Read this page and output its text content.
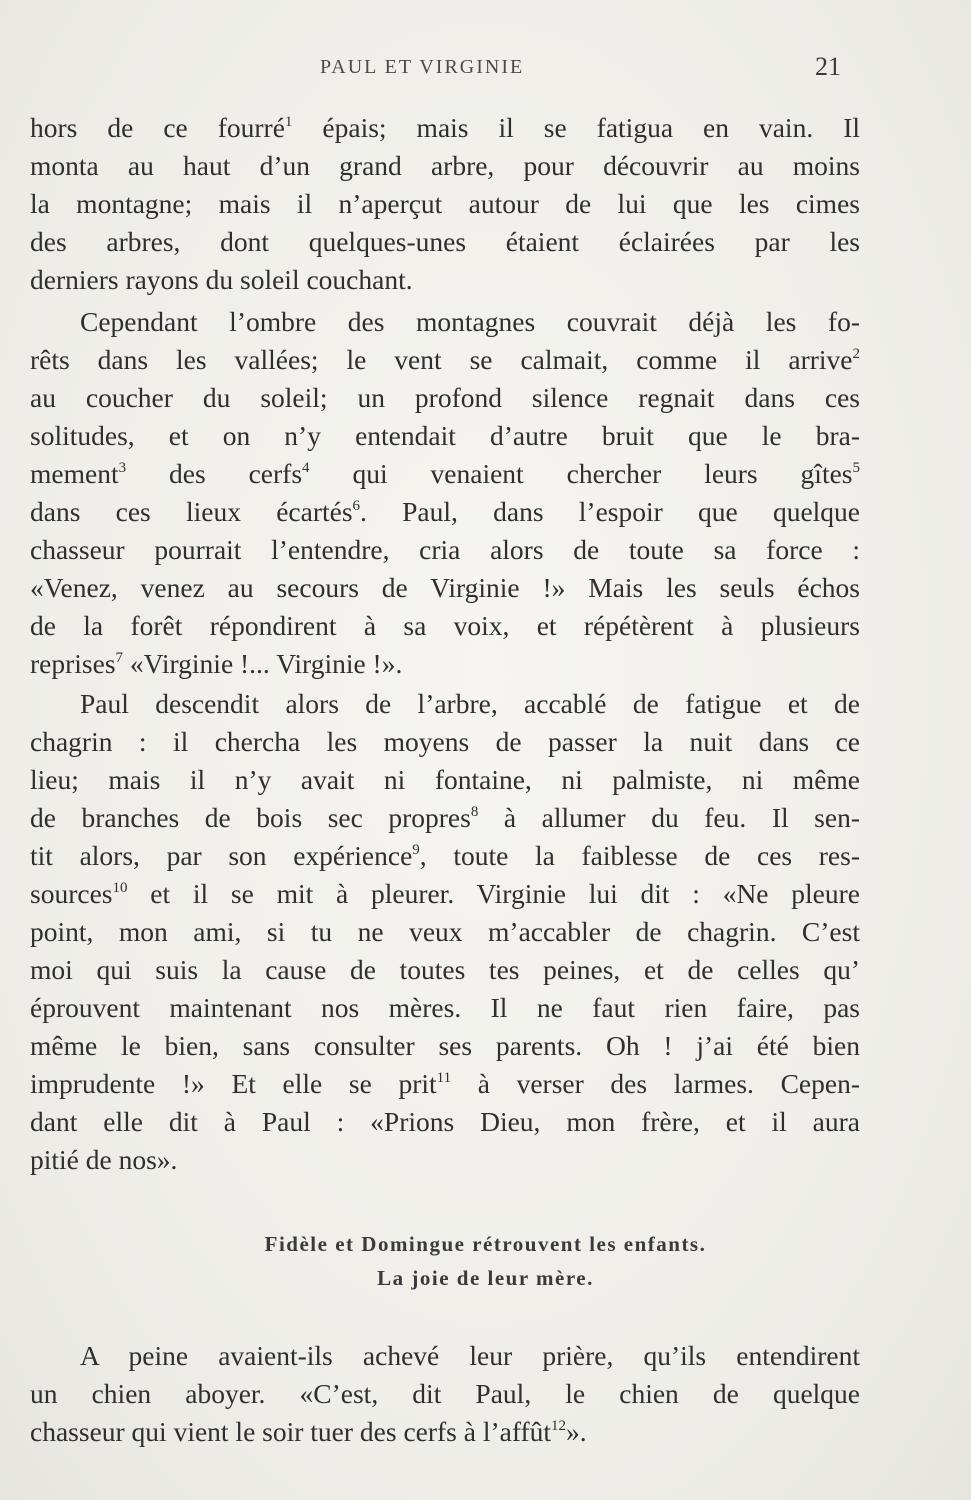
PAUL ET VIRGINIE	21
hors de ce fourré$^1$ épais; mais il se fatigua en vain. Il
monta au haut d’un grand arbre, pour découvrir au moins
la montagne; mais il n’aperçut autour de lui que les cimes
des arbres, dont quelques-unes étaient éclairées par les
derniers rayons du soleil couchant.
Cependant l’ombre des montagnes couvrait déjà les fo-
rêts dans les vallées; le vent se calmait, comme il arrive$^2$
au coucher du soleil; un profond silence regnait dans ces
solitudes, et on n’y entendait d’autre bruit que le bra-
mement$^3$ des cerfs$^4$ qui venaient chercher leurs gîtes$^5$
dans ces lieux écartés$^6$. Paul, dans l’espoir que quelque
chasseur pourrait l’entendre, cria alors de toute sa force :
«Venez, venez au secours de Virginie !» Mais les seuls échos
de la forêt répondirent à sa voix, et répétèrent à plusieurs
reprises$^7$ «Virginie !... Virginie !».
Paul descendit alors de l’arbre, accablé de fatigue et de
chagrin : il chercha les moyens de passer la nuit dans ce
lieu; mais il n’y avait ni fontaine, ni palmiste, ni même
de branches de bois sec propres$^8$ à allumer du feu. Il sen-
tit alors, par son expérience$^9$, toute la faiblesse de ces res-
sources$^{10}$ et il se mit à pleurer. Virginie lui dit : «Ne pleure
point, mon ami, si tu ne veux m’accabler de chagrin. C’est
moi qui suis la cause de toutes tes peines, et de celles qu’
éprouvent maintenant nos mères. Il ne faut rien faire, pas
même le bien, sans consulter ses parents. Oh ! j’ai été bien
imprudente !» Et elle se prit$^{11}$ à verser des larmes. Cepen-
dant elle dit à Paul : «Prions Dieu, mon frère, et il aura
pitié de nos».
A peine avaient-ils achevé leur prière, qu’ils entendirent
un chien aboyer. «C’est, dit Paul, le chien de quelque
chasseur qui vient le soir tuer des cerfs à l’affût$^{12}$».
Fidèle et Domingue rétrouvent les enfants.
La joie de leur mère.
